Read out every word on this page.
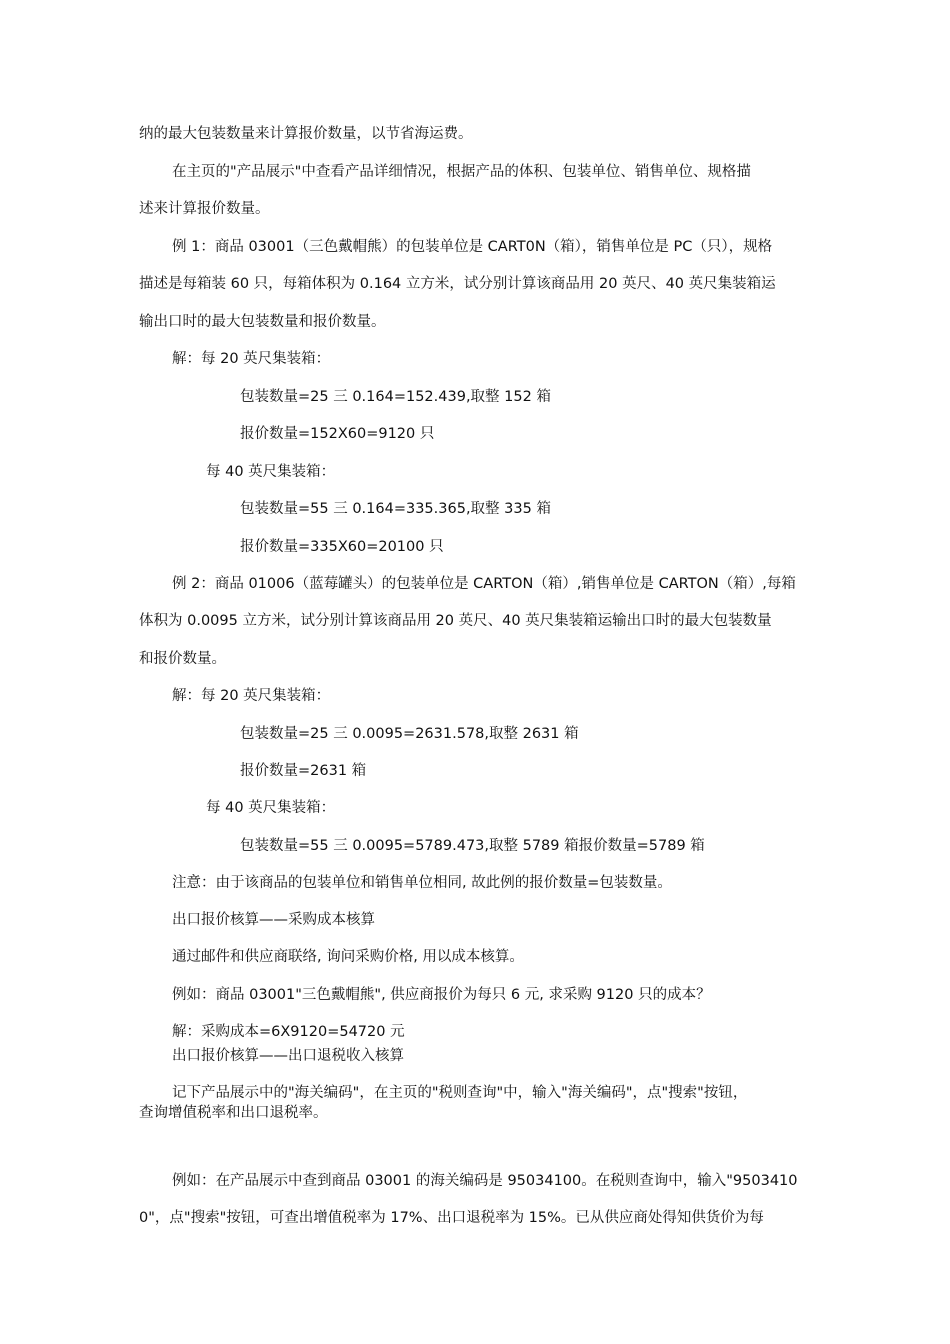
纳的最大包装数量来计算报价数量，以节省海运费。
在主页的"产品展示"中查看产品详细情况，根据产品的体积、包装单位、销售单位、规格描
述来计算报价数量。
例 1：商品 03001（三色戴帽熊）的包装单位是 CART0N（箱），销售单位是 PC（只），规格
描述是每箱装 60 只，每箱体积为 0.164 立方米，试分别计算该商品用 20 英尺、40 英尺集装箱运
输出口时的最大包装数量和报价数量。
解：每 20 英尺集装箱：
包装数量=25 三 0.164=152.439,取整 152 箱
报价数量=152X60=9120 只
每 40 英尺集装箱：
包装数量=55 三 0.164=335.365,取整 335 箱
报价数量=335X60=20100 只
例 2：商品 01006（蓝莓罐头）的包装单位是 CARTON（箱）,销售单位是 CARTON（箱）,每箱
体积为 0.0095 立方米，试分别计算该商品用 20 英尺、40 英尺集装箱运输出口时的最大包装数量
和报价数量。
解：每 20 英尺集装箱：
包装数量=25 三 0.0095=2631.578,取整 2631 箱
报价数量=2631 箱
每 40 英尺集装箱：
包装数量=55 三 0.0095=5789.473,取整 5789 箱报价数量=5789 箱
注意：由于该商品的包装单位和销售单位相同, 故此例的报价数量=包装数量。
出口报价核算——采购成本核算
通过邮件和供应商联络, 询问采购价格, 用以成本核算。
例如：商品 03001"三色戴帽熊", 供应商报价为每只 6 元, 求采购 9120 只的成本？
解：采购成本=6X9120=54720 元
出口报价核算——出口退税收入核算
记下产品展示中的"海关编码"，在主页的"税则查询"中，输入"海关编码"，点"搜索"按钮，
查询增值税率和出口退税率。
例如：在产品展示中查到商品 03001 的海关编码是 95034100。在税则查询中，输入"9503410
0"，点"搜索"按钮，可查出增值税率为 17%、出口退税率为 15%。已从供应商处得知供货价为每
